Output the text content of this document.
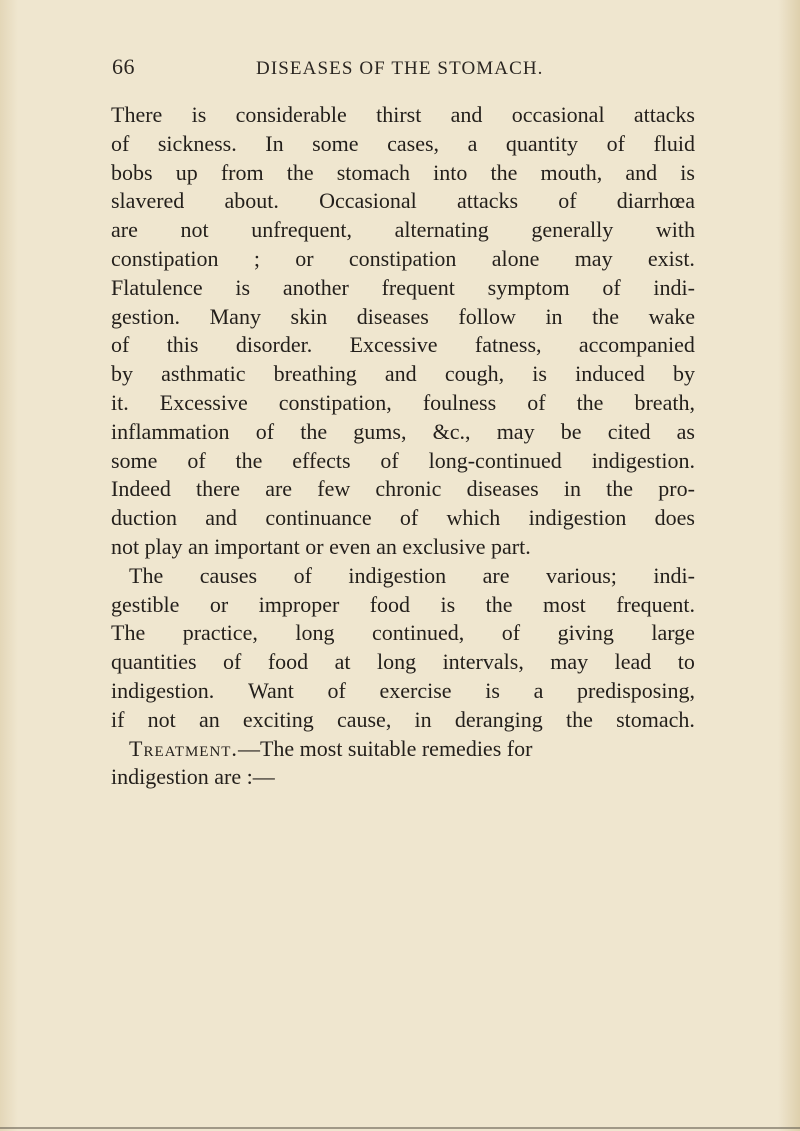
66	DISEASES OF THE STOMACH.
There is considerable thirst and occasional attacks
of sickness. In some cases, a quantity of fluid
bobs up from the stomach into the mouth, and is
slavered about. Occasional attacks of diarrhœa
are not unfrequent, alternating generally with
constipation ; or constipation alone may exist.
Flatulence is another frequent symptom of indi-
gestion. Many skin diseases follow in the wake
of this disorder. Excessive fatness, accompanied
by asthmatic breathing and cough, is induced by
it. Excessive constipation, foulness of the breath,
inflammation of the gums, &c., may be cited as
some of the effects of long-continued indigestion.
Indeed there are few chronic diseases in the pro-
duction and continuance of which indigestion does
not play an important or even an exclusive part.
The causes of indigestion are various; indi-
gestible or improper food is the most frequent.
The practice, long continued, of giving large
quantities of food at long intervals, may lead to
indigestion. Want of exercise is a predisposing,
if not an exciting cause, in deranging the stomach.
Treatment.—The most suitable remedies for
indigestion are :—
